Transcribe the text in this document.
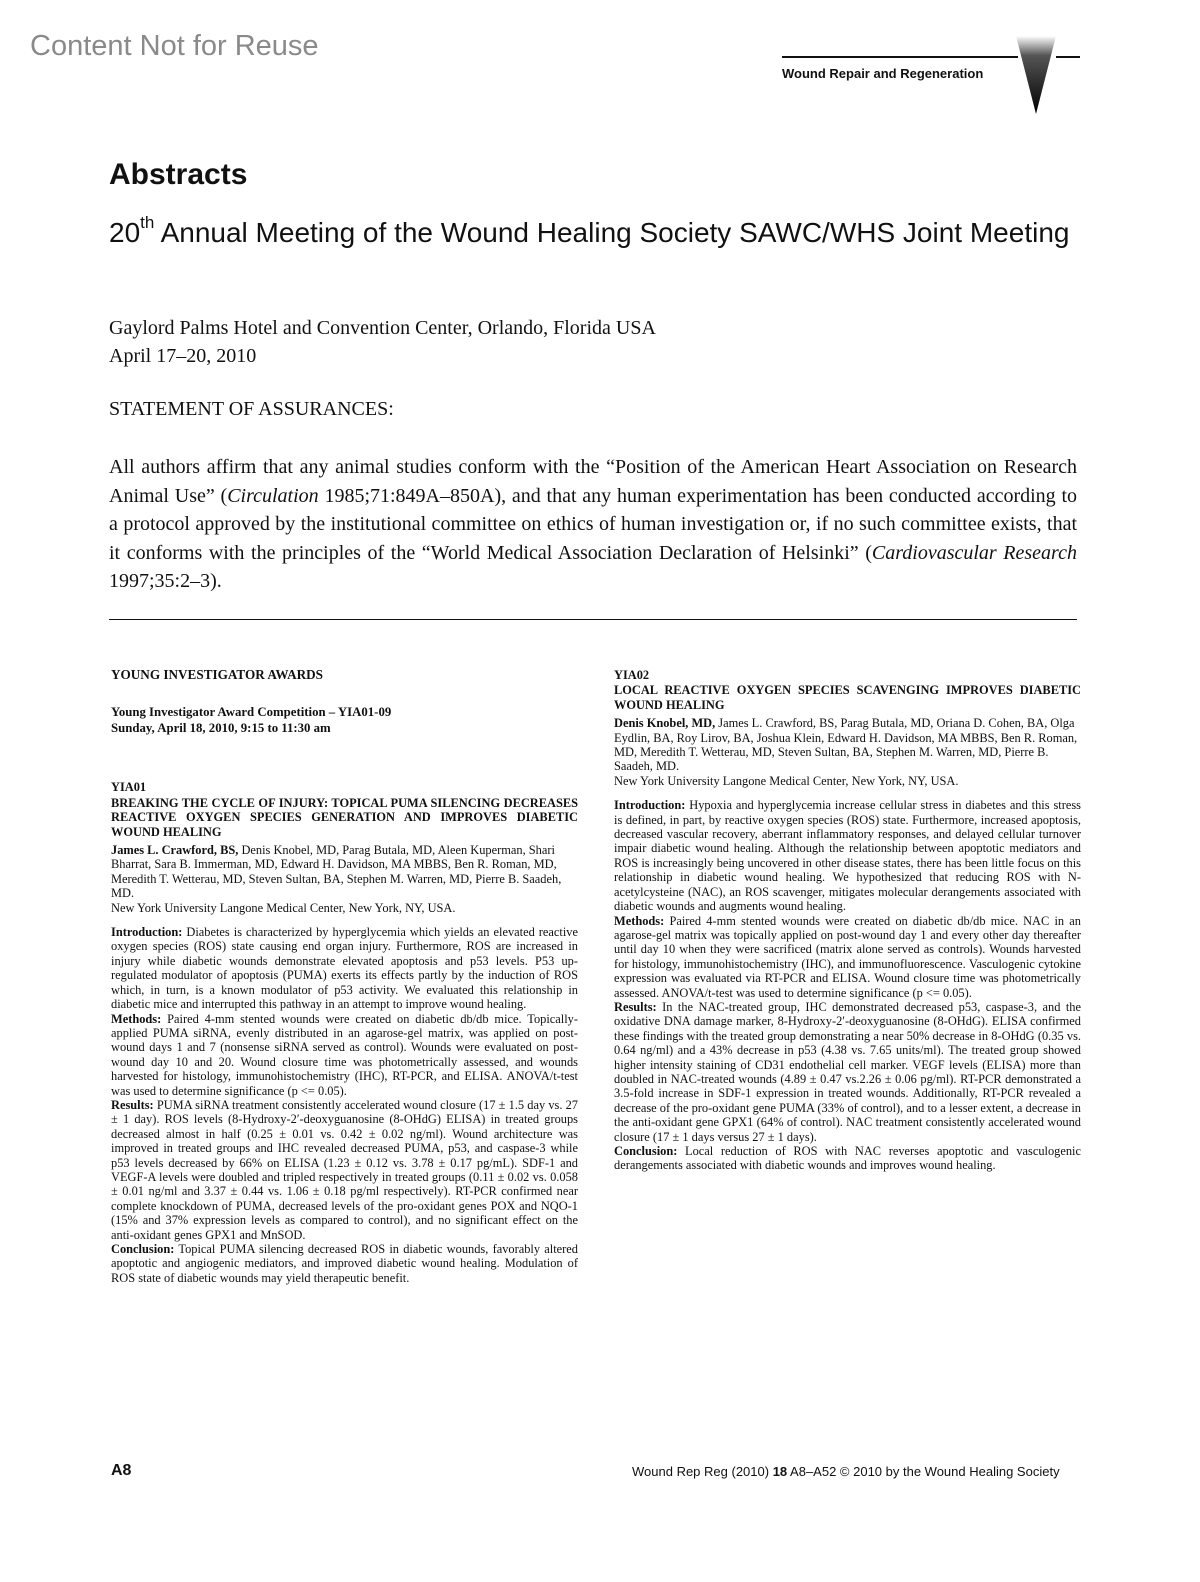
Content Not for Reuse
Wound Repair and Regeneration
Abstracts
20th Annual Meeting of the Wound Healing Society SAWC/WHS Joint Meeting
Gaylord Palms Hotel and Convention Center, Orlando, Florida USA
April 17–20, 2010
STATEMENT OF ASSURANCES:
All authors affirm that any animal studies conform with the “Position of the American Heart Association on Research Animal Use” (Circulation 1985;71:849A–850A), and that any human experimentation has been conducted according to a protocol approved by the institutional committee on ethics of human investigation or, if no such committee exists, that it conforms with the principles of the “World Medical Association Declaration of Helsinki” (Cardiovascular Research 1997;35:2–3).

YOUNG INVESTIGATOR AWARDS

Young Investigator Award Competition – YIA01-09
Sunday, April 18, 2010, 9:15 to 11:30 am

YIA01

BREAKING THE CYCLE OF INJURY: TOPICAL PUMA SILENCING DECREASES REACTIVE OXYGEN SPECIES GENERATION AND IMPROVES DIABETIC WOUND HEALING

James L. Crawford, BS, Denis Knobel, MD, Parag Butala, MD, Aleen Kuperman, Shari Bharrat, Sara B. Immerman, MD, Edward H. Davidson, MA MBBS, Ben R. Roman, MD, Meredith T. Wetterau, MD, Steven Sultan, BA, Stephen M. Warren, MD, Pierre B. Saadeh, MD.
New York University Langone Medical Center, New York, NY, USA.

Introduction: Diabetes is characterized by hyperglycemia which yields an elevated reactive oxygen species (ROS) state causing end organ injury. Furthermore, ROS are increased in injury while diabetic wounds demonstrate elevated apoptosis and p53 levels. P53 up-regulated modulator of apoptosis (PUMA) exerts its effects partly by the induction of ROS which, in turn, is a known modulator of p53 activity. We evaluated this relationship in diabetic mice and interrupted this pathway in an attempt to improve wound healing.

Methods: Paired 4-mm stented wounds were created on diabetic db/db mice. Topically-applied PUMA siRNA, evenly distributed in an agarose-gel matrix, was applied on post-wound days 1 and 7 (nonsense siRNA served as control). Wounds were evaluated on post-wound day 10 and 20. Wound closure time was photometrically assessed, and wounds harvested for histology, immunohistochemistry (IHC), RT-PCR, and ELISA. ANOVA/t-test was used to determine significance (p <= 0.05).

Results: PUMA siRNA treatment consistently accelerated wound closure (17 ± 1.5 day vs. 27 ± 1 day). ROS levels (8-Hydroxy-2′-deoxyguanosine (8-OHdG) ELISA) in treated groups decreased almost in half (0.25 ± 0.01 vs. 0.42 ± 0.02 ng/ml). Wound architecture was improved in treated groups and IHC revealed decreased PUMA, p53, and caspase-3 while p53 levels decreased by 66% on ELISA (1.23 ± 0.12 vs. 3.78 ± 0.17 pg/mL). SDF-1 and VEGF-A levels were doubled and tripled respectively in treated groups (0.11 ± 0.02 vs. 0.058 ± 0.01 ng/ml and 3.37 ± 0.44 vs. 1.06 ± 0.18 pg/ml respectively). RT-PCR confirmed near complete knockdown of PUMA, decreased levels of the pro-oxidant genes POX and NQO-1 (15% and 37% expression levels as compared to control), and no significant effect on the anti-oxidant genes GPX1 and MnSOD.

Conclusion: Topical PUMA silencing decreased ROS in diabetic wounds, favorably altered apoptotic and angiogenic mediators, and improved diabetic wound healing. Modulation of ROS state of diabetic wounds may yield therapeutic benefit.

YIA02

LOCAL REACTIVE OXYGEN SPECIES SCAVENGING IMPROVES DIABETIC WOUND HEALING

Denis Knobel, MD, James L. Crawford, BS, Parag Butala, MD, Oriana D. Cohen, BA, Olga Eydlin, BA, Roy Lirov, BA, Joshua Klein, Edward H. Davidson, MA MBBS, Ben R. Roman, MD, Meredith T. Wetterau, MD, Steven Sultan, BA, Stephen M. Warren, MD, Pierre B. Saadeh, MD.
New York University Langone Medical Center, New York, NY, USA.

Introduction: Hypoxia and hyperglycemia increase cellular stress in diabetes and this stress is defined, in part, by reactive oxygen species (ROS) state. Furthermore, increased apoptosis, decreased vascular recovery, aberrant inflammatory responses, and delayed cellular turnover impair diabetic wound healing. Although the relationship between apoptotic mediators and ROS is increasingly being uncovered in other disease states, there has been little focus on this relationship in diabetic wound healing. We hypothesized that reducing ROS with N-acetylcysteine (NAC), an ROS scavenger, mitigates molecular derangements associated with diabetic wounds and augments wound healing.

Methods: Paired 4-mm stented wounds were created on diabetic db/db mice. NAC in an agarose-gel matrix was topically applied on post-wound day 1 and every other day thereafter until day 10 when they were sacrificed (matrix alone served as controls). Wounds harvested for histology, immunohistochemistry (IHC), and immunofluorescence. Vasculogenic cytokine expression was evaluated via RT-PCR and ELISA. Wound closure time was photometrically assessed. ANOVA/t-test was used to determine significance (p <= 0.05).

Results: In the NAC-treated group, IHC demonstrated decreased p53, caspase-3, and the oxidative DNA damage marker, 8-Hydroxy-2′-deoxyguanosine (8-OHdG). ELISA confirmed these findings with the treated group demonstrating a near 50% decrease in 8-OHdG (0.35 vs. 0.64 ng/ml) and a 43% decrease in p53 (4.38 vs. 7.65 units/ml). The treated group showed higher intensity staining of CD31 endothelial cell marker. VEGF levels (ELISA) more than doubled in NAC-treated wounds (4.89 ± 0.47 vs.2.26 ± 0.06 pg/ml). RT-PCR demonstrated a 3.5-fold increase in SDF-1 expression in treated wounds. Additionally, RT-PCR revealed a decrease of the pro-oxidant gene PUMA (33% of control), and to a lesser extent, a decrease in the anti-oxidant gene GPX1 (64% of control). NAC treatment consistently accelerated wound closure (17 ± 1 days versus 27 ± 1 days).

Conclusion: Local reduction of ROS with NAC reverses apoptotic and vasculogenic derangements associated with diabetic wounds and improves wound healing.

A8	Wound Rep Reg (2010) 18 A8–A52 © 2010 by the Wound Healing Society
